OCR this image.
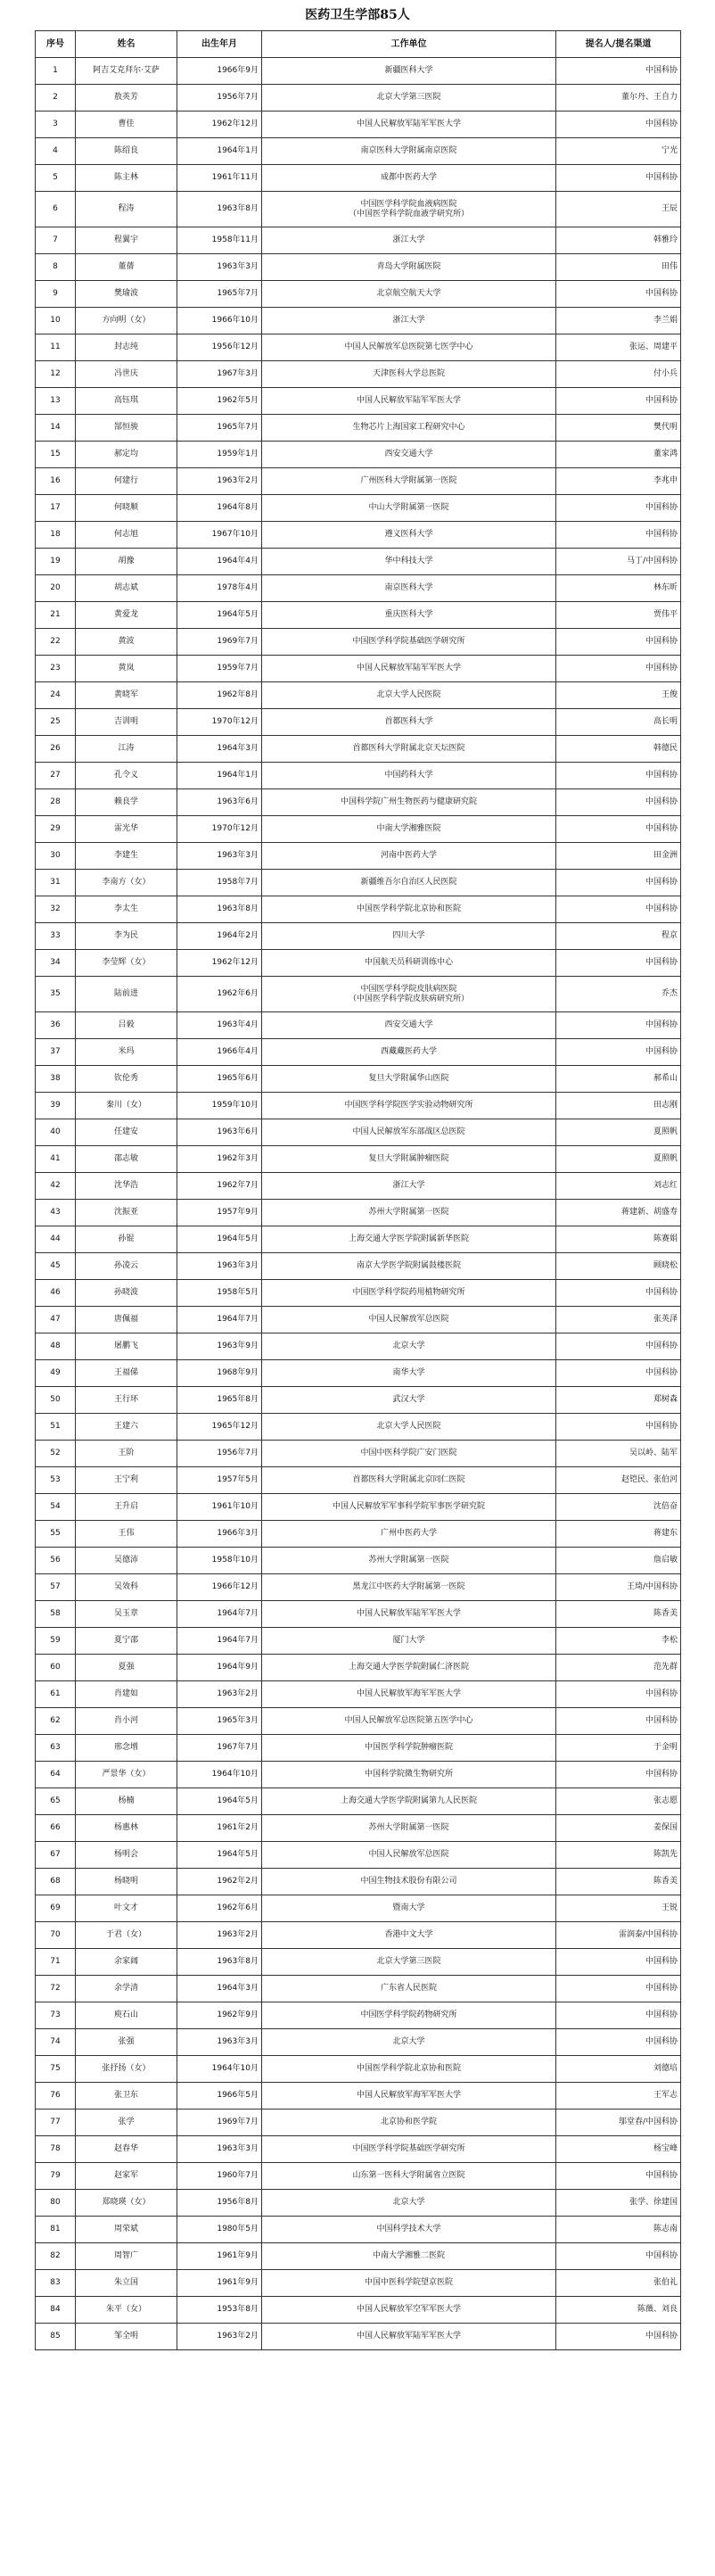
医药卫生学部85人
序号	姓名	出生年月	工作单位	提名人/提名渠道
1	阿吉艾克拜尔·艾萨	1966年9月	新疆医科大学	中国科协
2	敖英芳	1956年7月	北京大学第三医院	董尔丹、王自力
3	曹佳	1962年12月	中国人民解放军陆军军医大学	中国科协
4	陈绍良	1964年1月	南京医科大学附属南京医院	宁光
5	陈主林	1961年11月	成都中医药大学	中国科协
6	程涛	1963年8月	中国医学科学院血液病医院
（中国医学科学院血液学研究所）	王辰
7	程翼宇	1958年11月	浙江大学	韩雅玲
8	董蒨	1963年3月	青岛大学附属医院	田伟
9	樊瑜波	1965年7月	北京航空航天大学	中国科协
10	方向明（女）	1966年10月	浙江大学	李兰娟
11	封志纯	1956年12月	中国人民解放军总医院第七医学中心	张运、周建平
12	冯世庆	1967年3月	天津医科大学总医院	付小兵
13	高钰琪	1962年5月	中国人民解放军陆军军医大学	中国科协
14	郜恒骏	1965年7月	生物芯片上海国家工程研究中心	樊代明
15	郝定均	1959年1月	西安交通大学	董家鸿
16	何建行	1963年2月	广州医科大学附属第一医院	李兆申
17	何晓顺	1964年8月	中山大学附属第一医院	中国科协
18	何志旭	1967年10月	遵义医科大学	中国科协
19	胡豫	1964年4月	华中科技大学	马丁/中国科协
20	胡志斌	1978年4月	南京医科大学	林东昕
21	黄爱龙	1964年5月	重庆医科大学	贾伟平
22	黄波	1969年7月	中国医学科学院基础医学研究所	中国科协
23	黄岚	1959年7月	中国人民解放军陆军军医大学	中国科协
24	黄晓军	1962年8月	北京大学人民医院	王俊
25	吉训明	1970年12月	首都医科大学	高长明
26	江涛	1964年3月	首都医科大学附属北京天坛医院	韩德民
27	孔令义	1964年1月	中国药科大学	中国科协
28	赖良学	1963年6月	中国科学院广州生物医药与健康研究院	中国科协
29	雷光华	1970年12月	中南大学湘雅医院	中国科协
30	李建生	1963年3月	河南中医药大学	田金洲
31	李南方（女）	1958年7月	新疆维吾尔自治区人民医院	中国科协
32	李太生	1963年8月	中国医学科学院北京协和医院	中国科协
33	李为民	1964年2月	四川大学	程京
34	李莹辉（女）	1962年12月	中国航天员科研训练中心	中国科协
35	陆前进	1962年6月	中国医学科学院皮肤病医院
（中国医学科学院皮肤病研究所）	乔杰
36	吕毅	1963年4月	西安交通大学	中国科协
37	米玛	1966年4月	西藏藏医药大学	中国科协
38	钦伦秀	1965年6月	复旦大学附属华山医院	郝希山
39	秦川（女）	1959年10月	中国医学科学院医学实验动物研究所	田志刚
40	任建安	1963年6月	中国人民解放军东部战区总医院	夏照帆
41	邵志敏	1962年3月	复旦大学附属肿瘤医院	夏照帆
42	沈华浩	1962年7月	浙江大学	刘志红
43	沈振亚	1957年9月	苏州大学附属第一医院	蒋建新、胡盛寿
44	孙锟	1964年5月	上海交通大学医学院附属新华医院	陈赛娟
45	孙凌云	1963年3月	南京大学医学院附属鼓楼医院	顾晓松
46	孙晓波	1958年5月	中国医学科学院药用植物研究所	中国科协
47	唐佩福	1964年7月	中国人民解放军总医院	张英泽
48	屠鹏飞	1963年9月	北京大学	中国科协
49	王福俤	1968年9月	南华大学	中国科协
50	王行环	1965年8月	武汉大学	郑树森
51	王建六	1965年12月	北京大学人民医院	中国科协
52	王阶	1956年7月	中国中医科学院广安门医院	吴以岭、陆军
53	王宁利	1957年5月	首都医科大学附属北京同仁医院	赵铠民、张伯河
54	王升启	1961年10月	中国人民解放军军事科学院军事医学研究院	沈倍奋
55	王伟	1966年3月	广州中医药大学	蒋建东
56	吴德沛	1958年10月	苏州大学附属第一医院	詹启敏
57	吴效科	1966年12月	黑龙江中医药大学附属第一医院	王琦/中国科协
58	吴玉章	1964年7月	中国人民解放军陆军军医大学	陈香美
59	夏宁邵	1964年7月	厦门大学	李松
60	夏强	1964年9月	上海交通大学医学院附属仁济医院	范先群
61	肖建如	1963年2月	中国人民解放军海军军医大学	中国科协
62	肖小河	1965年3月	中国人民解放军总医院第五医学中心	中国科协
63	邢念增	1967年7月	中国医学科学院肿瘤医院	于金明
64	严景华（女）	1964年10月	中国科学院微生物研究所	中国科协
65	杨楠	1964年5月	上海交通大学医学院附属第九人民医院	张志愿
66	杨惠林	1961年2月	苏州大学附属第一医院	姜保国
67	杨明会	1964年5月	中国人民解放军总医院	陈凯先
68	杨晓明	1962年2月	中国生物技术股份有限公司	陈香美
69	叶文才	1962年6月	暨南大学	王锐
70	于君（女）	1963年2月	香港中文大学	雷润泰/中国科协
71	余家阔	1963年8月	北京大学第三医院	中国科协
72	余学清	1964年3月	广东省人民医院	中国科协
73	庾石山	1962年9月	中国医学科学院药物研究所	中国科协
74	张强	1963年3月	北京大学	中国科协
75	张抒扬（女）	1964年10月	中国医学科学院北京协和医院	刘德培
76	张卫东	1966年5月	中国人民解放军海军军医大学	王军志
77	张学	1969年7月	北京协和医学院	邬堂春/中国科协
78	赵春华	1963年3月	中国医学科学院基础医学研究所	杨宝峰
79	赵家军	1960年7月	山东第一医科大学附属省立医院	中国科协
80	郑晓瑛（女）	1956年8月	北京大学	张学、徐建国
81	周荣斌	1980年5月	中国科学技术大学	陈志南
82	周智广	1961年9月	中南大学湘雅二医院	中国科协
83	朱立国	1961年9月	中国中医科学院望京医院	张伯礼
84	朱平（女）	1953年8月	中国人民解放军空军军医大学	陈薇、刘良
85	邹全明	1963年2月	中国人民解放军陆军军医大学	中国科协
